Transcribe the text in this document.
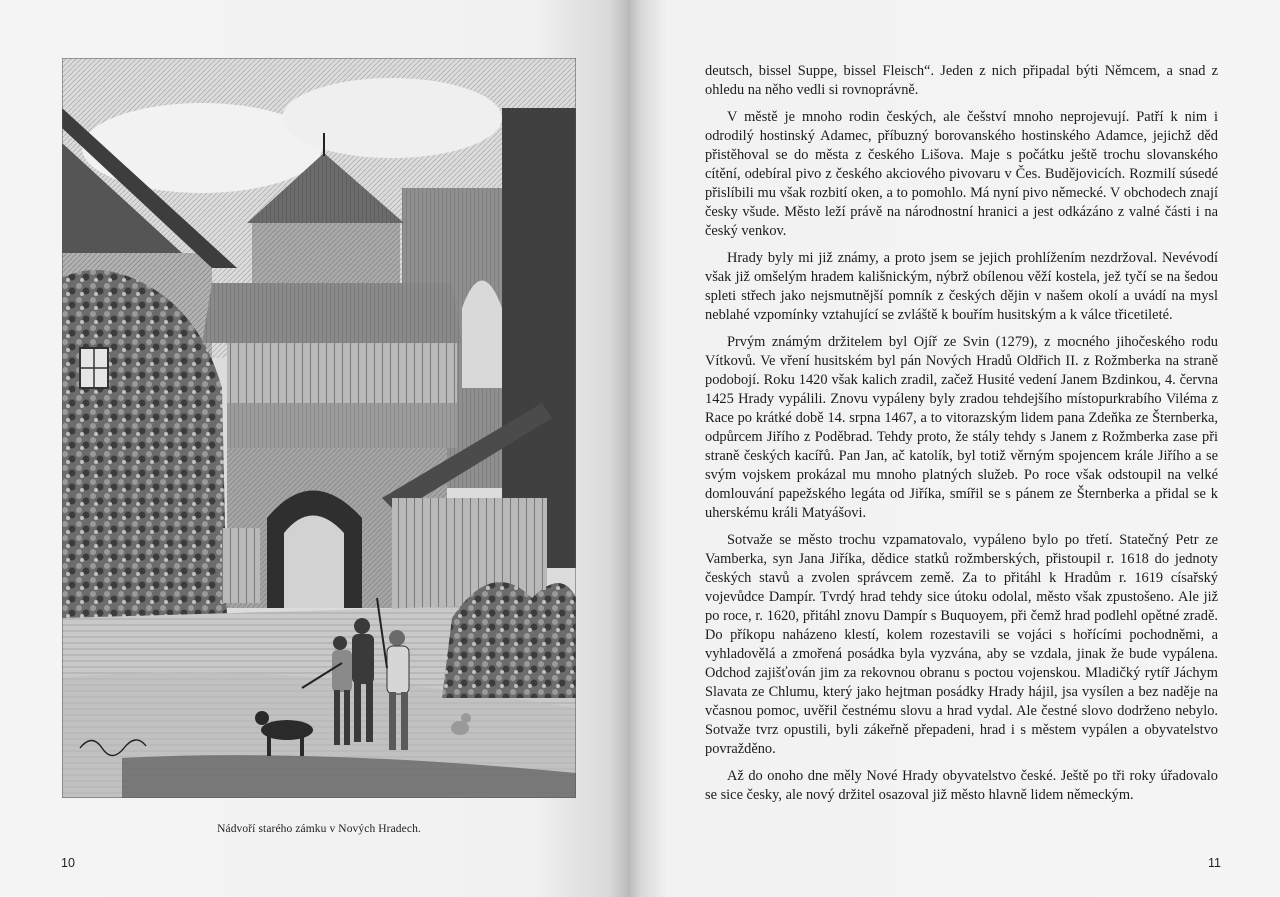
Nádvoří starého zámku v Nových Hradech.
10

deutsch, bissel Suppe, bissel Fleisch“. Jeden z nich připadal býti Němcem, a snad z ohledu na něho vedli si rovnoprávně.

V městě je mnoho rodin českých, ale češství mnoho neprojevují. Patří k nim i odrodilý hostinský Adamec, příbuzný borovanského hostinského Adamce, jejichž děd přistěhoval se do města z českého Lišova. Maje s počátku ještě trochu slovanského cítění, odebíral pivo z českého akciového pivovaru v Čes. Budějovicích. Rozmilí súsedé přislíbili mu však rozbití oken, a to pomohlo. Má nyní pivo německé. V obchodech znají česky všude. Město leží právě na národnostní hranici a jest odkázáno z valné části i na český venkov.

Hrady byly mi již známy, a proto jsem se jejich prohlížením nezdržoval. Nevévodí však již omšelým hradem kališnickým, nýbrž obílenou věží kostela, jež tyčí se na šedou spleti střech jako nejsmutnější pomník z českých dějin v našem okolí a uvádí na mysl neblahé vzpomínky vztahující se zvláště k bouřím husitským a k válce třicetileté.

Prvým známým držitelem byl Ojíř ze Svin (1279), z mocného jihočeského rodu Vítkovů. Ve vření husitském byl pán Nových Hradů Oldřich II. z Rožmberka na straně podobojí. Roku 1420 však kalich zradil, začež Husité vedení Janem Bzdinkou, 4. června 1425 Hrady vypálili. Znovu vypáleny byly zradou tehdejšího místopurkrabího Viléma z Race po krátké době 14. srpna 1467, a to vitorazským lidem pana Zdeňka ze Šternberka, odpůrcem Jiřího z Poděbrad. Tehdy proto, že stály tehdy s Janem z Rožmberka zase při straně českých kacířů. Pan Jan, ač katolík, byl totiž věrným spojencem krále Jiřího a se svým vojskem prokázal mu mnoho platných služeb. Po roce však odstoupil na velké domlouvání papežského legáta od Jiříka, smířil se s pánem ze Šternberka a přidal se k uherskému králi Matyášovi.

Sotvaže se město trochu vzpamatovalo, vypáleno bylo po třetí. Statečný Petr ze Vamberka, syn Jana Jiříka, dědice statků rožmberských, přistoupil r. 1618 do jednoty českých stavů a zvolen správcem země. Za to přitáhl k Hradům r. 1619 císařský vojevůdce Dampír. Tvrdý hrad tehdy sice útoku odolal, město však zpustošeno. Ale již po roce, r. 1620, přitáhl znovu Dampír s Buquoyem, při čemž hrad podlehl opětné zradě. Do příkopu naházeno klestí, kolem rozestavili se vojáci s hořícími pochodněmi, a vyhladovělá a zmořená posádka byla vyzvána, aby se vzdala, jinak že bude vypálena. Odchod zajišťován jim za rekovnou obranu s poctou vojenskou. Mladičký rytíř Jáchym Slavata ze Chlumu, který jako hejtman posádky Hrady hájil, jsa vysílen a bez naděje na včasnou pomoc, uvěřil čestnému slovu a hrad vydal. Ale čestné slovo dodrženo nebylo. Sotvaže tvrz opustili, byli zákeřně přepadeni, hrad i s městem vypálen a obyvatelstvo povražděno.

Až do onoho dne měly Nové Hrady obyvatelstvo české. Ještě po tři roky úřadovalo se sice česky, ale nový držitel osazoval již město hlavně lidem německým.

11
